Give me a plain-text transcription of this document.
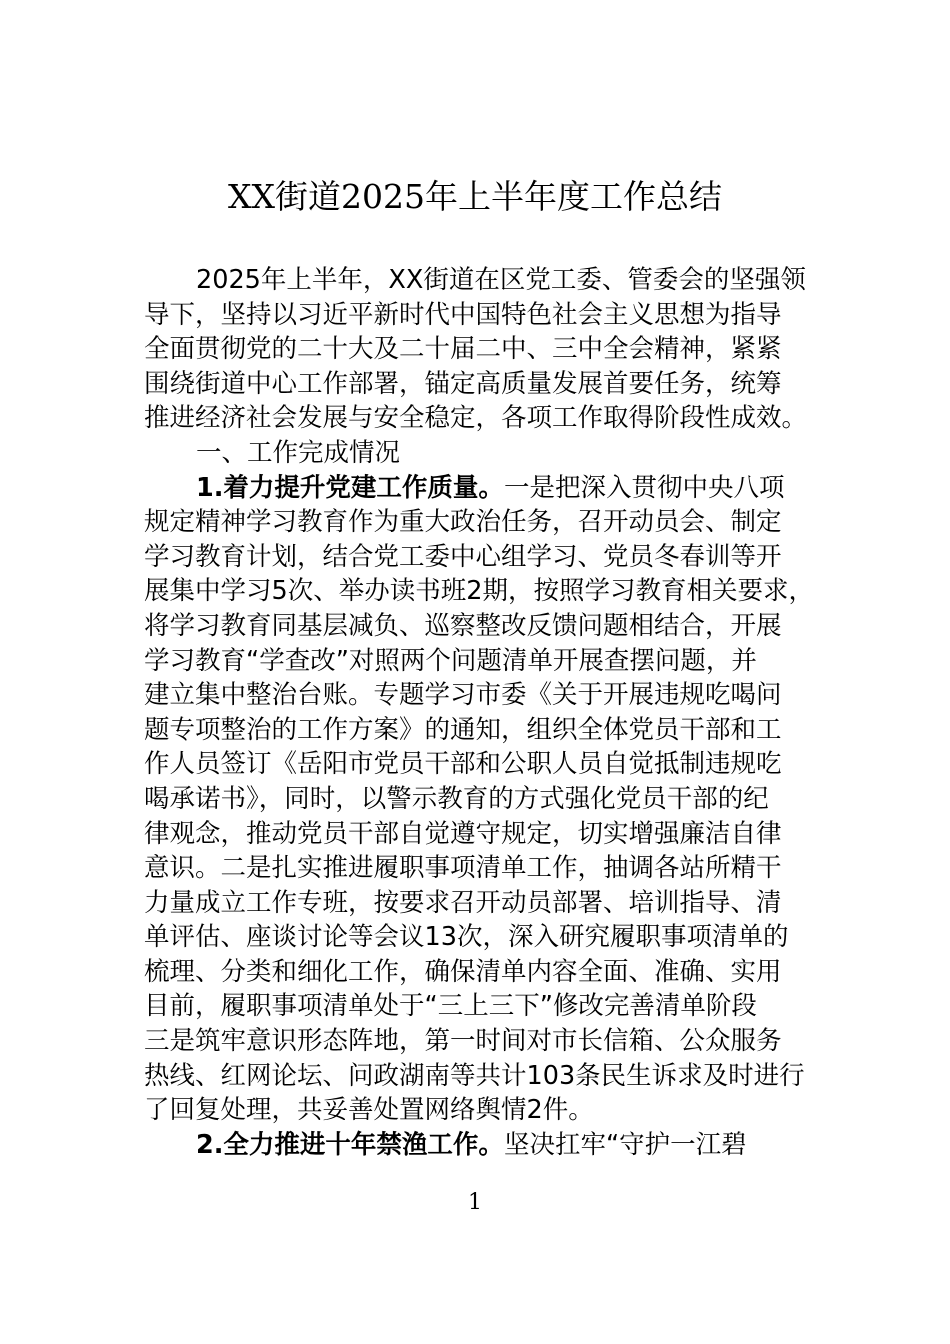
XX街道2025年上半年度工作总结
2025年上半年，XX街道在区党工委、管委会的坚强领
导下，坚持以习近平新时代中国特色社会主义思想为指导
全面贯彻党的二十大及二十届二中、三中全会精神，紧紧
围绕街道中心工作部署，锚定高质量发展首要任务，统筹
推进经济社会发展与安全稳定，各项工作取得阶段性成效。
一、工作完成情况
1.着力提升党建工作质量。一是把深入贯彻中央八项
规定精神学习教育作为重大政治任务，召开动员会、制定
学习教育计划，结合党工委中心组学习、党员冬春训等开
展集中学习5次、举办读书班2期，按照学习教育相关要求，
将学习教育同基层减负、巡察整改反馈问题相结合，开展
学习教育“学查改”对照两个问题清单开展查摆问题，并
建立集中整治台账。专题学习市委《关于开展违规吃喝问
题专项整治的工作方案》的通知，组织全体党员干部和工
作人员签订《岳阳市党员干部和公职人员自觉抵制违规吃
喝承诺书》，同时，以警示教育的方式强化党员干部的纪
律观念，推动党员干部自觉遵守规定，切实增强廉洁自律
意识。二是扎实推进履职事项清单工作，抽调各站所精干
力量成立工作专班，按要求召开动员部署、培训指导、清
单评估、座谈讨论等会议13次，深入研究履职事项清单的
梳理、分类和细化工作，确保清单内容全面、准确、实用
目前，履职事项清单处于“三上三下”修改完善清单阶段
三是筑牢意识形态阵地，第一时间对市长信箱、公众服务
热线、红网论坛、问政湖南等共计103条民生诉求及时进行
了回复处理，共妥善处置网络舆情2件。
2.全力推进十年禁渔工作。坚决扛牢“守护一江碧
1
